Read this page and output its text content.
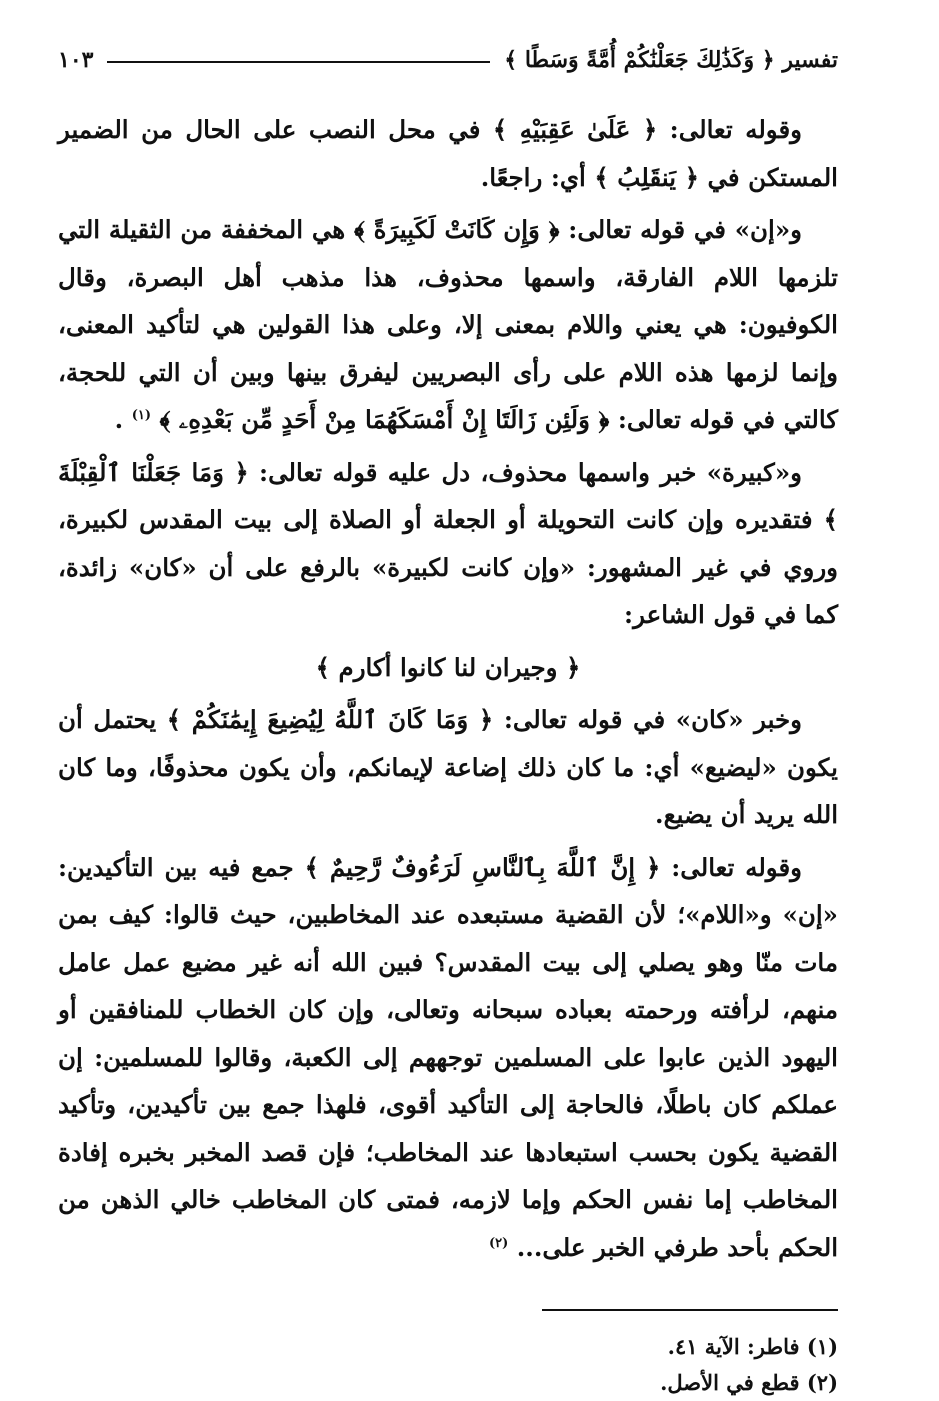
تفسير ﴿ وَكَذَٰلِكَ جَعَلْنَٰكُمْ أُمَّةً وَسَطًا ﴾
١٠٣

وقوله تعالى: ﴿ عَلَىٰ عَقِبَيْهِ ﴾ في محل النصب على الحال من الضمير المستكن في ﴿ يَنقَلِبُ ﴾ أي: راجعًا.

و«إن» في قوله تعالى: ﴿ وَإِن كَانَتْ لَكَبِيرَةً ﴾ هي المخففة من الثقيلة التي تلزمها اللام الفارقة، واسمها محذوف، هذا مذهب أهل البصرة، وقال الكوفيون: هي يعني واللام بمعنى إلا، وعلى هذا القولين هي لتأكيد المعنى، وإنما لزمها هذه اللام على رأى البصريين ليفرق بينها وبين أن التي للحجة، كالتي في قوله تعالى: ﴿ وَلَئِن زَالَتَا إِنْ أَمْسَكَهُمَا مِنْ أَحَدٍ مِّن بَعْدِهِۦ ﴾ $^{(١)}$ .

و«كبيرة» خبر واسمها محذوف، دل عليه قوله تعالى: ﴿ وَمَا جَعَلْنَا ٱلْقِبْلَةَ ﴾ فتقديره وإن كانت التحويلة أو الجعلة أو الصلاة إلى بيت المقدس لكبيرة، وروي في غير المشهور: «وإن كانت لكبيرة» بالرفع على أن «كان» زائدة، كما في قول الشاعر:

﴿ وجيران لنا كانوا أكارم ﴾

وخبر «كان» في قوله تعالى: ﴿ وَمَا كَانَ ٱللَّهُ لِيُضِيعَ إِيمَٰنَكُمْ ﴾ يحتمل أن يكون «ليضيع» أي: ما كان ذلك إضاعة لإيمانكم، وأن يكون محذوفًا، وما كان الله يريد أن يضيع.

وقوله تعالى: ﴿ إِنَّ ٱللَّهَ بِٱلنَّاسِ لَرَءُوفٌ رَّحِيمٌ ﴾ جمع فيه بين التأكيدين: «إن» و«اللام»؛ لأن القضية مستبعده عند المخاطبين، حيث قالوا: كيف بمن مات منّا وهو يصلي إلى بيت المقدس؟ فبين الله أنه غير مضيع عمل عامل منهم، لرأفته ورحمته بعباده سبحانه وتعالى، وإن كان الخطاب للمنافقين أو اليهود الذين عابوا على المسلمين توجههم إلى الكعبة، وقالوا للمسلمين: إن عملكم كان باطلًا، فالحاجة إلى التأكيد أقوى، فلهذا جمع بين تأكيدين، وتأكيد القضية يكون بحسب استبعادها عند المخاطب؛ فإن قصد المخبر بخبره إفادة المخاطب إما نفس الحكم وإما لازمه، فمتى كان المخاطب خالي الذهن من الحكم بأحد طرفي الخبر على... $^{(٢)}$

(١) فاطر: الآية ٤١.
(٢) قطع في الأصل.
